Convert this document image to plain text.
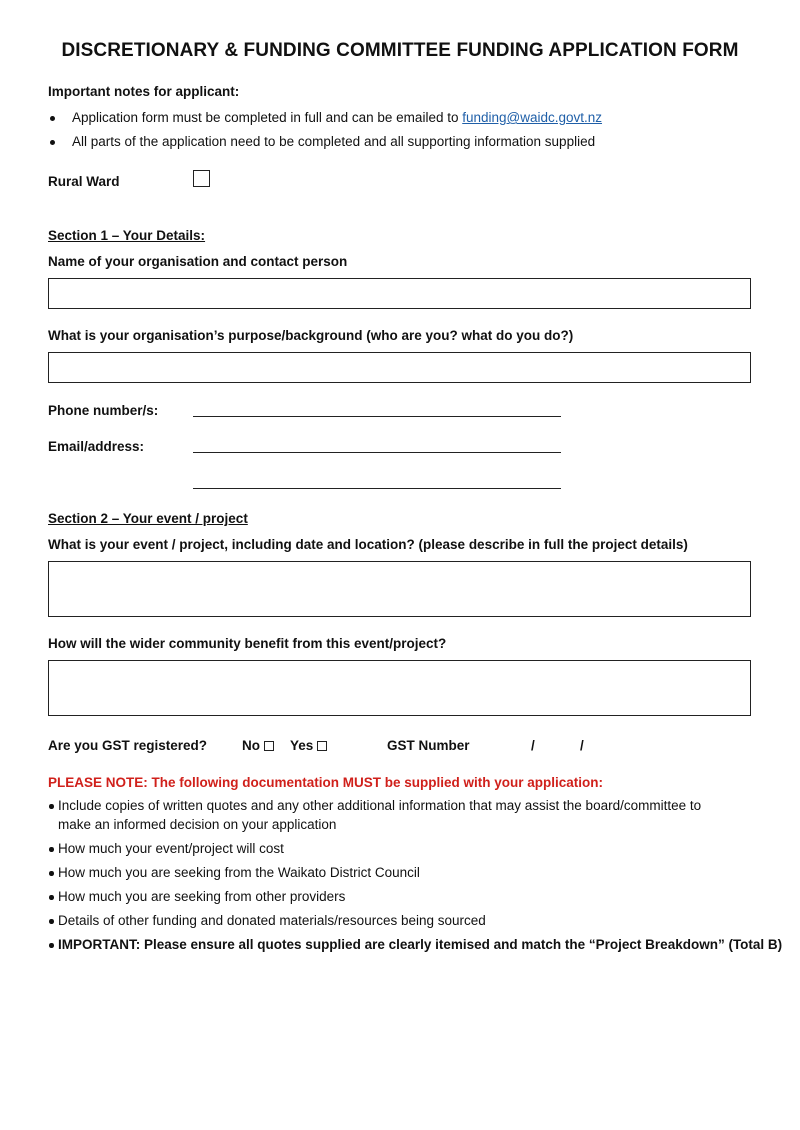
DISCRETIONARY & FUNDING COMMITTEE FUNDING APPLICATION FORM
Important notes for applicant:
Application form must be completed in full and can be emailed to funding@waidc.govt.nz
All parts of the application need to be completed and all supporting information supplied
Rural Ward
Section 1 – Your Details:
Name of your organisation and contact person
What is your organisation’s purpose/background (who are you? what do you do?)
Phone number/s:
Email/address:
Section 2 – Your event / project
What is your event / project, including date and location? (please describe in full the project details)
How will the wider community benefit from this event/project?
Are you GST registered?	No	Yes	GST Number	/	/
PLEASE NOTE: The following documentation MUST be supplied with your application:
Include copies of written quotes and any other additional information that may assist the board/committee to
make an informed decision on your application
How much your event/project will cost
How much you are seeking from the Waikato District Council
How much you are seeking from other providers
Details of other funding and donated materials/resources being sourced
IMPORTANT: Please ensure all quotes supplied are clearly itemised and match the “Project Breakdown” (Total B)
